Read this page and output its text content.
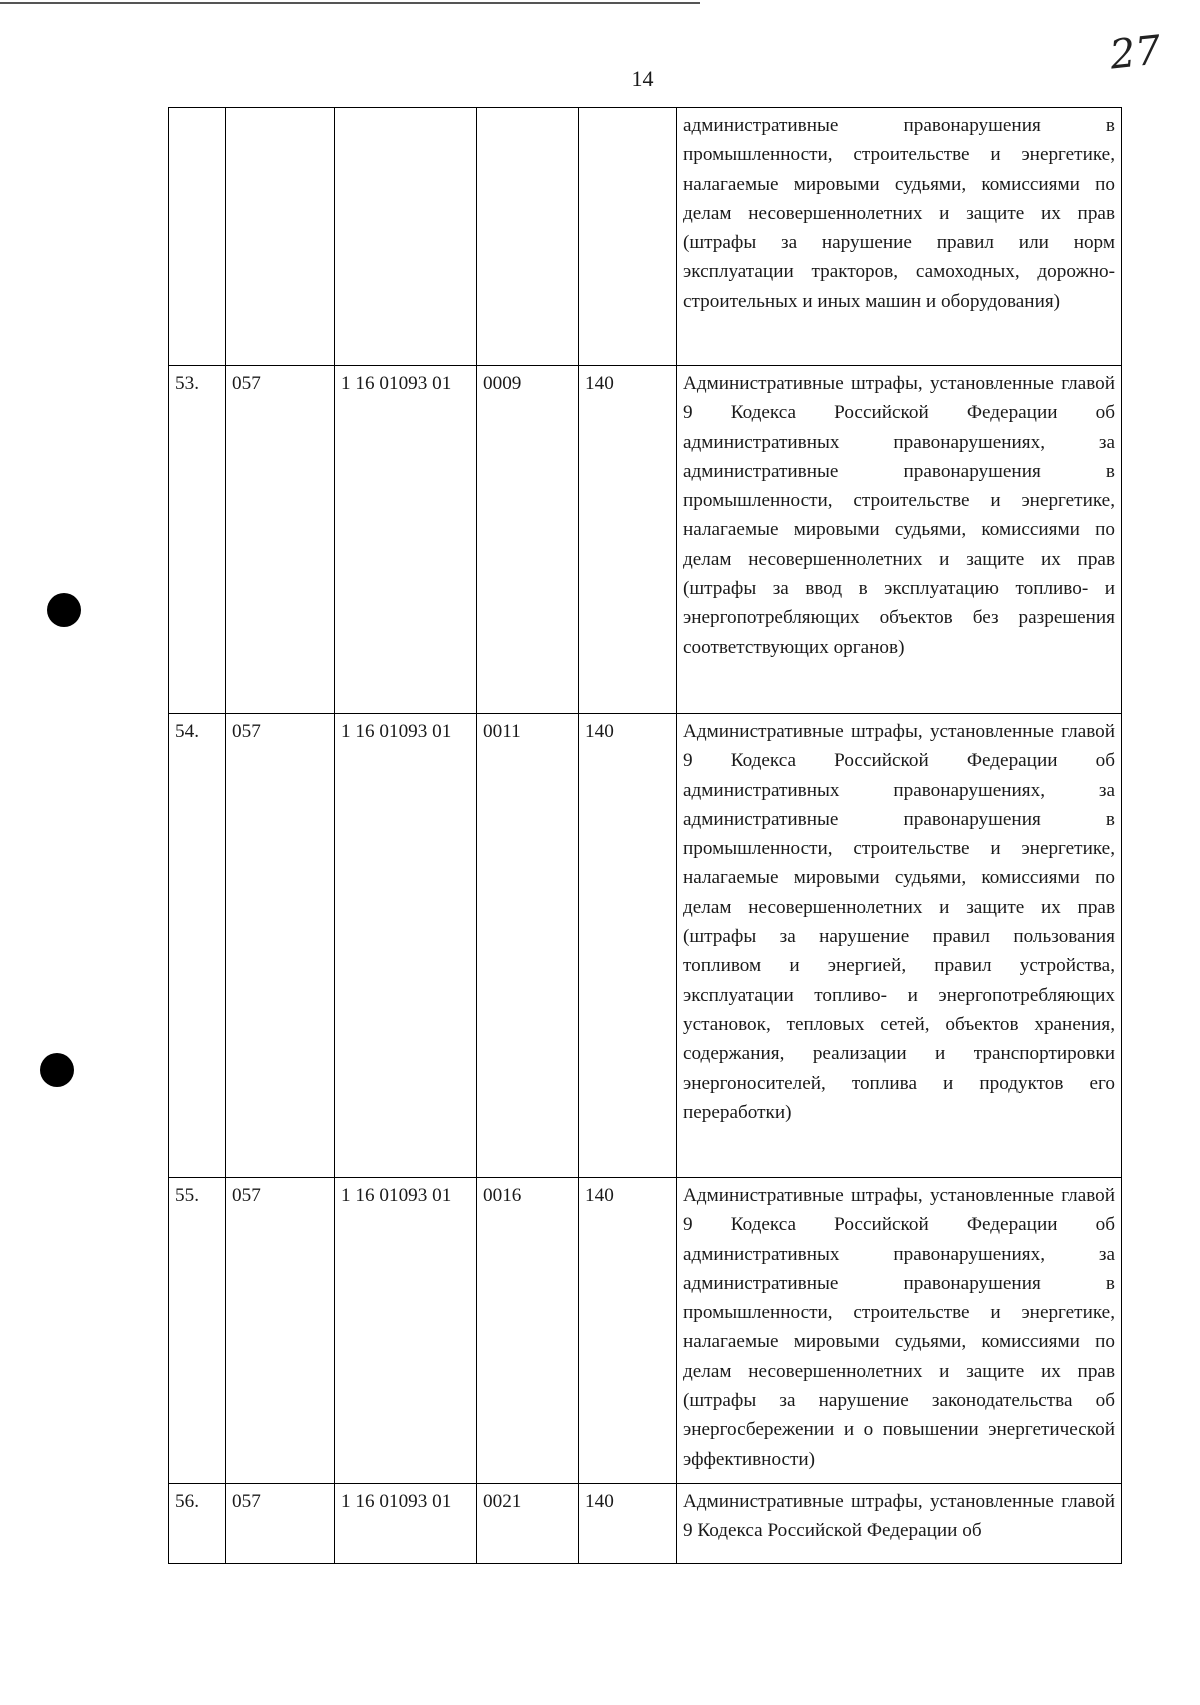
14	27
					административные правонарушения в промышленности, строительстве и энергетике, налагаемые мировыми судьями, комиссиями по делам несовершеннолетних и защите их прав (штрафы за нарушение правил или норм эксплуатации тракторов, самоходных, дорожно-строительных и иных машин и оборудования)
53.	057	1 16 01093 01	0009	140	Административные штрафы, установленные главой 9 Кодекса Российской Федерации об административных правонарушениях, за административные правонарушения в промышленности, строительстве и энергетике, налагаемые мировыми судьями, комиссиями по делам несовершеннолетних и защите их прав (штрафы за ввод в эксплуатацию топливо- и энергопотребляющих объектов без разрешения соответствующих органов)
54.	057	1 16 01093 01	0011	140	Административные штрафы, установленные главой 9 Кодекса Российской Федерации об административных правонарушениях, за административные правонарушения в промышленности, строительстве и энергетике, налагаемые мировыми судьями, комиссиями по делам несовершеннолетних и защите их прав (штрафы за нарушение правил пользования топливом и энергией, правил устройства, эксплуатации топливо- и энергопотребляющих установок, тепловых сетей, объектов хранения, содержания, реализации и транспортировки энергоносителей, топлива и продуктов его переработки)
55.	057	1 16 01093 01	0016	140	Административные штрафы, установленные главой 9 Кодекса Российской Федерации об административных правонарушениях, за административные правонарушения в промышленности, строительстве и энергетике, налагаемые мировыми судьями, комиссиями по делам несовершеннолетних и защите их прав (штрафы за нарушение законодательства об энергосбережении и о повышении энергетической эффективности)
56.	057	1 16 01093 01	0021	140	Административные штрафы, установленные главой 9 Кодекса Российской Федерации об
